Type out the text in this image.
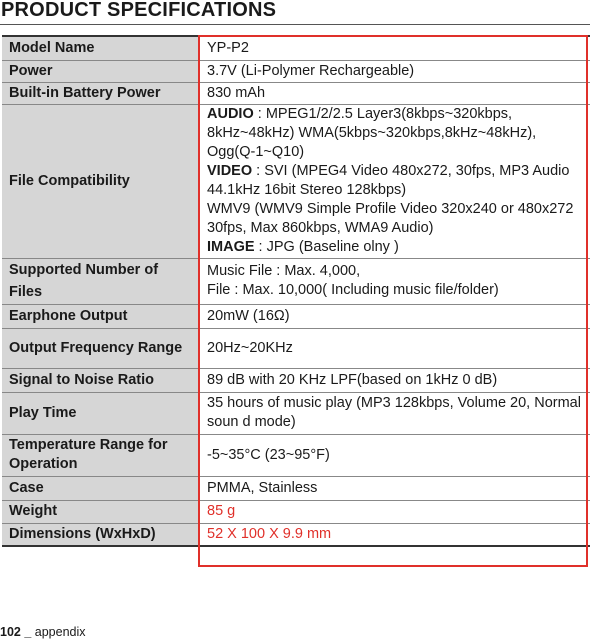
PRODUCT SPECIFICATIONS
Model Name	YP-P2
Power	3.7V (Li-Polymer Rechargeable)
Built-in Battery Power	830 mAh
File Compatibility	AUDIO : MPEG1/2/2.5 Layer3(8kbps~320kbps, 8kHz~48kHz) WMA(5kbps~320kbps,8kHz~48kHz), Ogg(Q-1~Q10)
VIDEO : SVI (MPEG4 Video 480x272, 30fps, MP3 Audio 44.1kHz 16bit Stereo 128kbps)
WMV9 (WMV9 Simple Profile Video 320x240 or 480x272 30fps, Max 860kbps, WMA9 Audio)
IMAGE : JPG (Baseline olny )

Supported Number of Files	Music File : Max. 4,000,
File : Max. 10,000( Including music file/folder)

Earphone Output	20mW (16Ω)
Output Frequency Range	20Hz~20KHz
Signal to Noise Ratio	89 dB with 20 KHz LPF(based on 1kHz 0 dB)
Play Time	35 hours of music play (MP3 128kbps, Volume 20, Normal soun d mode)
Temperature Range for Operation	-5~35°C (23~95°F)
Case	PMMA, Stainless
Weight	85 g
Dimensions (WxHxD)	52 X 100 X 9.9 mm
102 _ appendix
